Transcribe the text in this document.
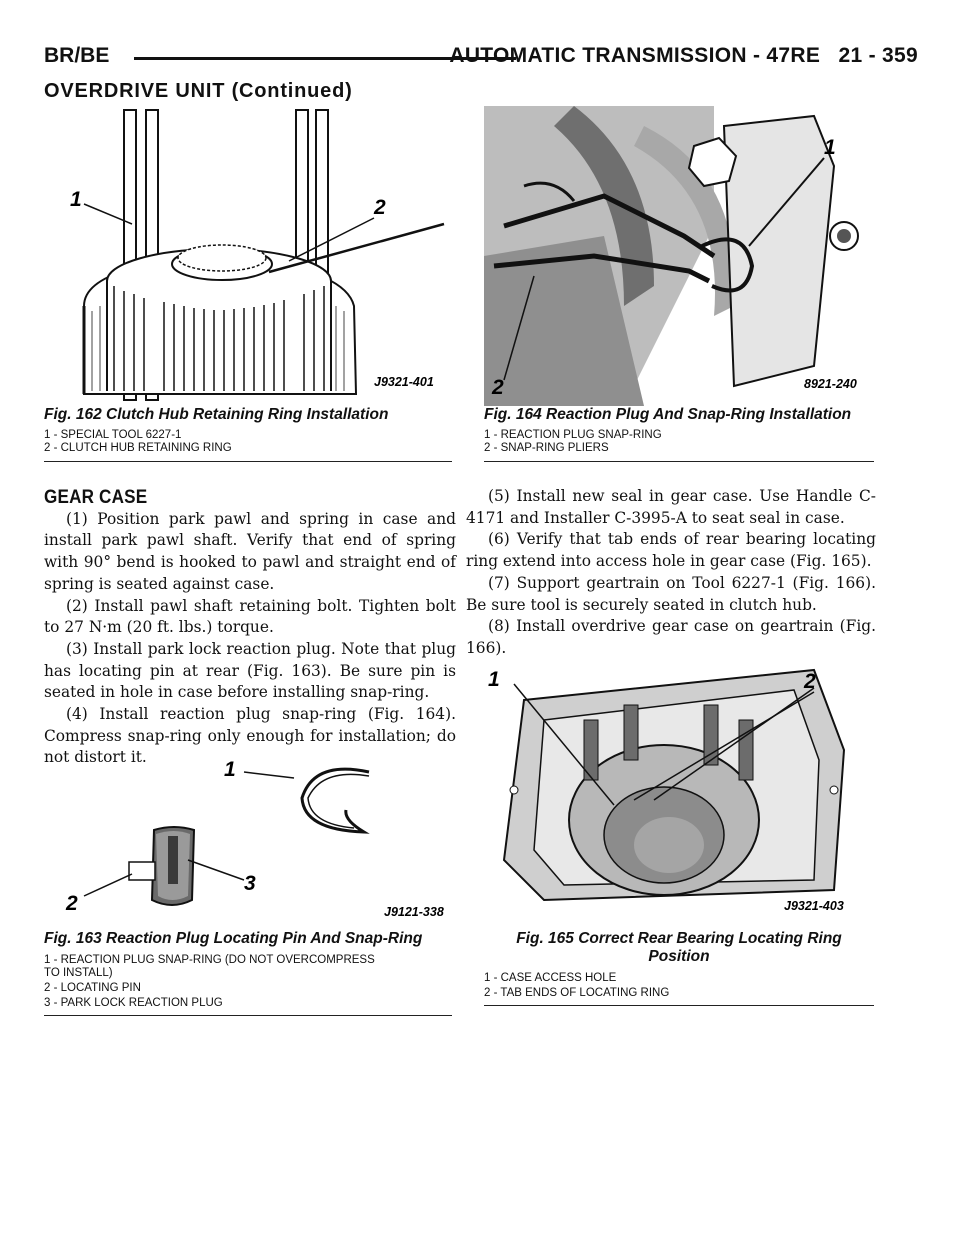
BR/BE	AUTOMATIC TRANSMISSION - 47RE   21 - 359
OVERDRIVE UNIT (Continued)
1	2
J9321-401

Fig. 162 Clutch Hub Retaining Ring Installation

1 - SPECIAL TOOL 6227-1

2 - CLUTCH HUB RETAINING RING

1
2	8921-240

Fig. 164 Reaction Plug And Snap-Ring Installation

1 - REACTION PLUG SNAP-RING

2 - SNAP-RING PLIERS

GEAR CASE

(1) Position park pawl and spring in case and install park pawl shaft. Verify that end of spring with 90° bend is hooked to pawl and straight end of spring is seated against case.

(2) Install pawl shaft retaining bolt. Tighten bolt to 27 N·m (20 ft. lbs.) torque.

(3) Install park lock reaction plug. Note that plug has locating pin at rear (Fig. 163). Be sure pin is seated in hole in case before installing snap-ring.

(4) Install reaction plug snap-ring (Fig. 164). Compress snap-ring only enough for installation; do not distort it.

(5) Install new seal in gear case. Use Handle C-4171 and Installer C-3995-A to seat seal in case.

(6) Verify that tab ends of rear bearing locating ring extend into access hole in gear case (Fig. 165).

(7) Support geartrain on Tool 6227-1 (Fig. 166). Be sure tool is securely seated in clutch hub.

(8) Install overdrive gear case on geartrain (Fig. 166).

1
2
3
J9121-338

Fig. 163 Reaction Plug Locating Pin And Snap-Ring

1 - REACTION PLUG SNAP-RING (DO NOT OVERCOMPRESS

TO INSTALL)

2 - LOCATING PIN

3 - PARK LOCK REACTION PLUG

1	2
J9321-403

Fig. 165 Correct Rear Bearing Locating Ring

Position

1 - CASE ACCESS HOLE

2 - TAB ENDS OF LOCATING RING
